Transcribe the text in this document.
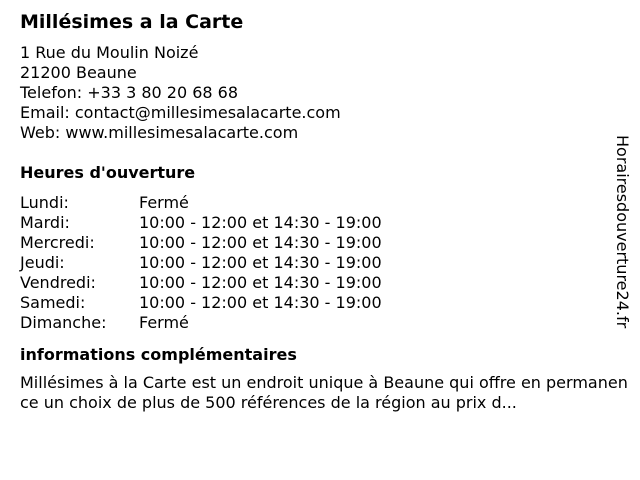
Millésimes a la Carte
1 Rue du Moulin Noizé
21200 Beaune
Telefon: +33 3 80 20 68 68
Email: contact@millesimesalacarte.com
Web: www.millesimesalacarte.com
Heures d'ouverture
Lundi:	Fermé
Mardi:	10:00 - 12:00 et 14:30 - 19:00
Mercredi:	10:00 - 12:00 et 14:30 - 19:00
Jeudi:	10:00 - 12:00 et 14:30 - 19:00
Vendredi:	10:00 - 12:00 et 14:30 - 19:00
Samedi:	10:00 - 12:00 et 14:30 - 19:00
Dimanche:	Fermé
informations complémentaires

Millésimes à la Carte est un endroit unique à Beaune qui offre en permanence un choix de plus de 500 références de la région au prix d...

Horairesdouverture24.fr
